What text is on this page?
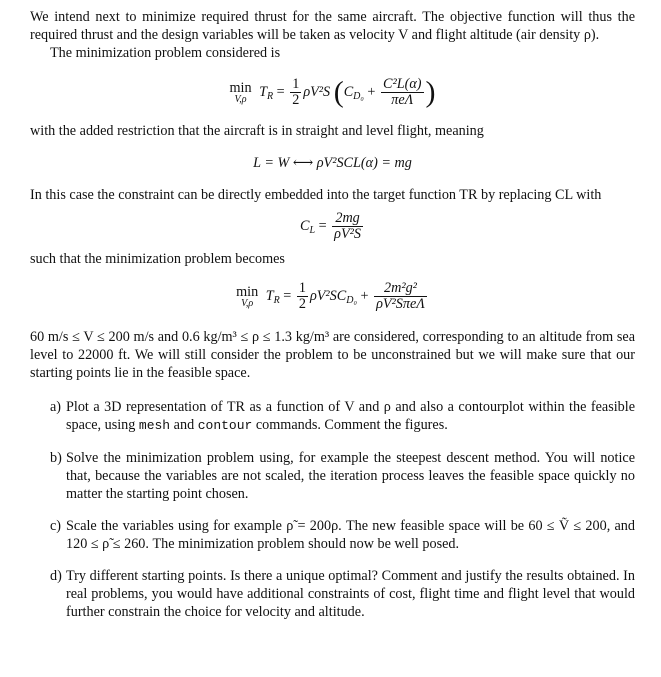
We intend next to minimize required thrust for the same aircraft. The objective function will thus the required thrust and the design variables will be taken as velocity V and flight altitude (air density ρ).

The minimization problem considered is

min
V,ρ $T_R = \frac{1}{2} \rho V^2S$ ($C_{D_0} + \frac{\text{C²L(α)}}{\text{πeΛ}}$ )

with the added restriction that the aircraft is in straight and level flight, meaning

L = W ⟷ ρV²SCL(α) = mg

In this case the constraint can be directly embedded into the target function TR by replacing CL with

$C_L = \frac{2mg}{\text{ρV²S}}$

such that the minimization problem becomes

min
V,ρ $T_R = \frac{1}{2} \rho V^2SC_{D_0} + \frac{\text{2m²g²}}{\text{ρV²SπeΛ}}$

60 m/s ≤ V ≤ 200 m/s and 0.6 kg/m³ ≤ ρ ≤ 1.3 kg/m³ are considered, corresponding to an altitude from sea level to 22000 ft. We will still consider the problem to be unconstrained but we will make sure that our starting points lie in the feasible space.

a) Plot a 3D representation of TR as a function of V and ρ and also a contourplot within the feasible space, using mesh and contour commands. Comment the figures.
b) Solve the minimization problem using, for example the steepest descent method. You will notice that, because the variables are not scaled, the iteration process leaves the feasible space quickly no matter the starting point chosen.
c) Scale the variables using for example ρ̃ = 200ρ. The new feasible space will be 60 ≤ Ṽ ≤ 200, and 120 ≤ ρ̃ ≤ 260. The minimization problem should now be well posed.
d) Try different starting points. Is there a unique optimal? Comment and justify the results obtained. In real problems, you would have additional constraints of cost, flight time and flight level that would further constrain the choice for velocity and altitude.
